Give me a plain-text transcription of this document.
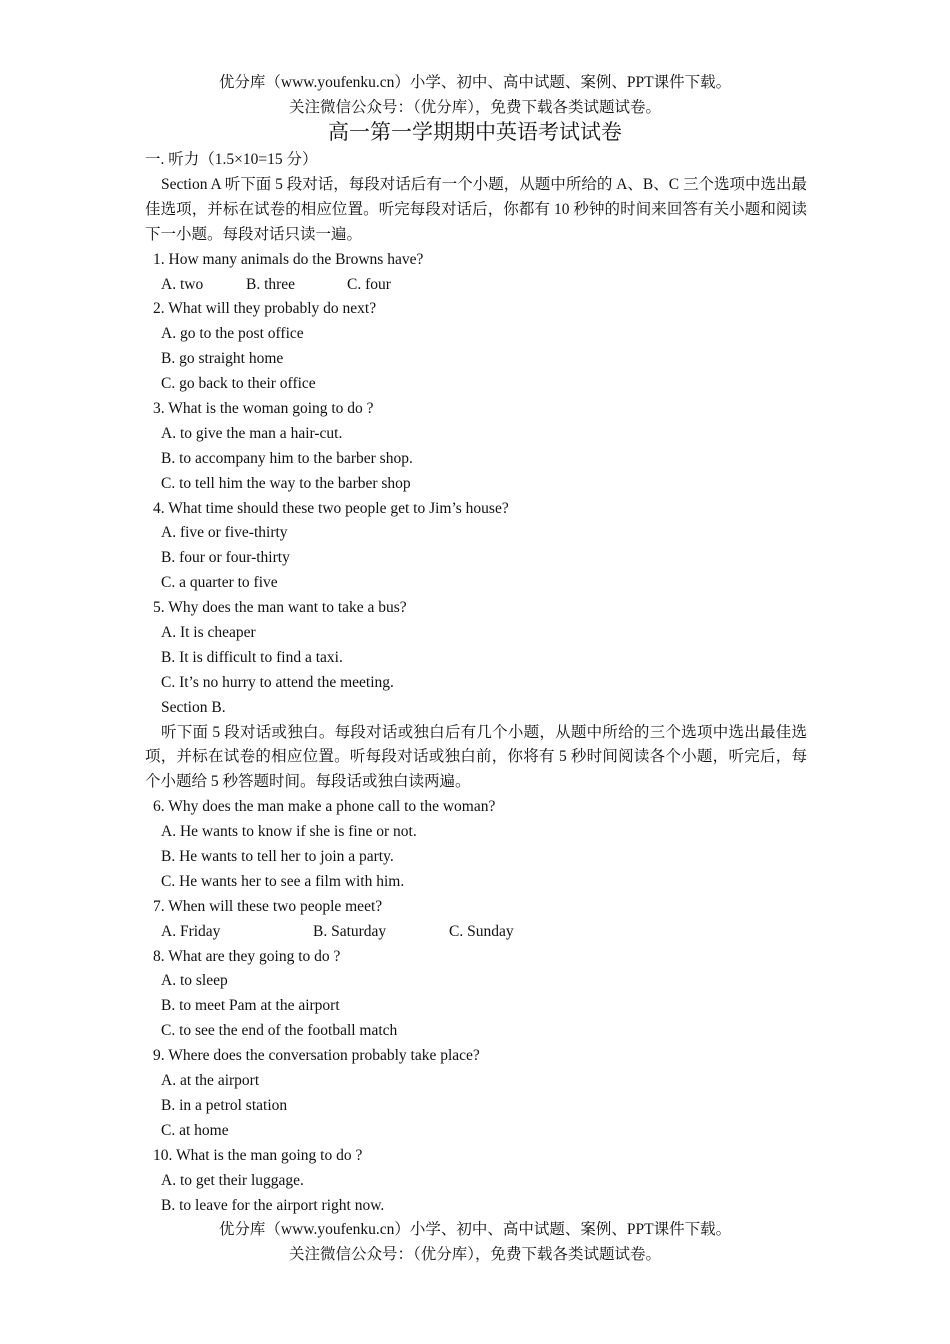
优分库（www.youfenku.cn）小学、初中、高中试题、案例、PPT课件下载。
关注微信公众号：（优分库），免费下载各类试题试卷。
高一第一学期期中英语考试试卷
一. 听力（1.5×10=15 分）
Section A 听下面 5 段对话，每段对话后有一个小题，从题中所给的 A、B、C 三个选项中选出最佳选项，并标在试卷的相应位置。听完每段对话后，你都有 10 秒钟的时间来回答有关小题和阅读下一小题。每段对话只读一遍。
1. How many animals do the Browns have?
A. two	B. three	C. four
2. What will they probably do next?
A. go to the post office
B. go straight home
C. go back to their office
3. What is the woman going to do ?
A. to give the man a hair-cut.
B. to accompany him to the barber shop.
C. to tell him the way to the barber shop
4. What time should these two people get to Jim’s house?
A. five or five-thirty
B. four or four-thirty
C. a quarter to five
5. Why does the man want to take a bus?
A. It is cheaper
B. It is difficult to find a taxi.
C. It’s no hurry to attend the meeting.
Section B.
听下面 5 段对话或独白。每段对话或独白后有几个小题，从题中所给的三个选项中选出最佳选项，并标在试卷的相应位置。听每段对话或独白前，你将有 5 秒时间阅读各个小题，听完后，每个小题给 5 秒答题时间。每段话或独白读两遍。
6. Why does the man make a phone call to the woman?
A. He wants to know if she is fine or not.
B. He wants to tell her to join a party.
C. He wants her to see a film with him.
7. When will these two people meet?
A. Friday	B. Saturday	C. Sunday
8. What are they going to do ?
A. to sleep
B. to meet Pam at the airport
C. to see the end of the football match
9. Where does the conversation probably take place?
A. at the airport
B. in a petrol station
C. at home
10. What is the man going to do ?
A. to get their luggage.
B. to leave for the airport right now.
优分库（www.youfenku.cn）小学、初中、高中试题、案例、PPT课件下载。
关注微信公众号：（优分库），免费下载各类试题试卷。
